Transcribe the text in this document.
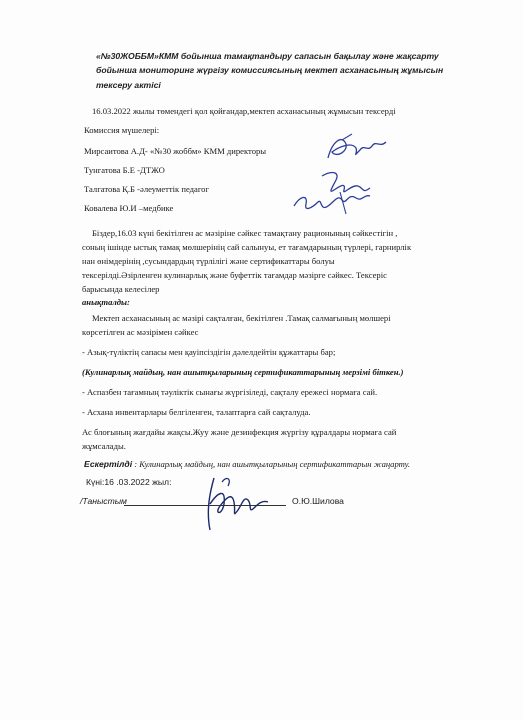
«№30ЖОББМ»КММ бойынша тамақтандыру сапасын бақылау және жақсарту
бойынша мониторинг жүргізу комиссиясының мектеп асханасының жұмысын
тексеру актісі
16.03.2022 жылы төмендегі қол қойғандар,мектеп асханасының жұмысын тексерді
Комиссия мүшелері:
Мирсаитова А.Д- «№30 жоббм» КММ директоры
Тунгатова Б.Е -ДТЖО
Талгатова Қ.Б -әлеуметтік педагог
Ковалева Ю.И –медбике
Біздер,16.03 күні бекітілген ас мәзіріне сәйкес тамақтану рационының сәйкестігін ,
соның ішінде ыстық тамақ мөлшерінің сай салынуы, ет тағамдарының түрлері, гарнирлік
нан өнімдерінің ,сусындардың түрлілігі және сертификаттары болуы
тексерілді.Әзірленген кулинарлық және буфеттік тағамдар мәзірге сәйкес. Тексеріс
барысында келесілер
анықталды:
Мектеп асханасының ас мәзірі сақталған, бекітілген .Тамақ салмағының мөлшері
көрсетілген ас мәзірімен сәйкес
- Азық-түліктің сапасы мен қауіпсіздігін дәлелдейтін құжаттары бар;
(Кулинарлық майдың, нан ашытқыларының сертификаттарының мерзімі біткен.)
- Аспазбен тағамның тәуліктік сынағы жүргізіледі, сақталу ережесі нормаға сай.
- Асхана инвентарлары белгіленген, талаптарға сай сақталуда.
Ас блоғының жағдайы жақсы.Жуу және дезинфекция жүргізу құралдары нормаға сай
жұмсалады.
Ескертілді : Кулинарлық майдың, нан ашытқыларының сертификаттарын жаңарту.
Күні:16 .03.2022 жыл:
/Таныстым	О.Ю.Шилова
